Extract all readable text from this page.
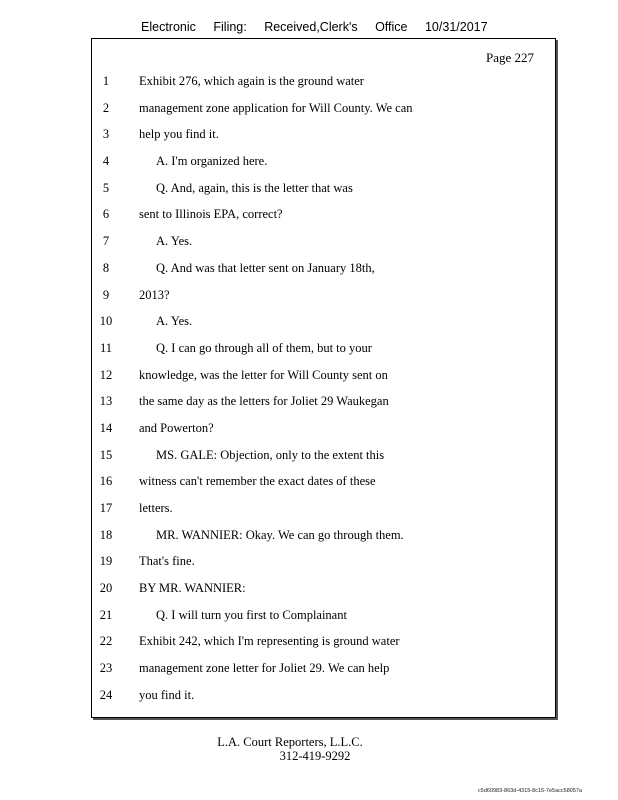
Electronic Filing: Received,Clerk's Office 10/31/2017
Page 227
1	Exhibit 276, which again is the ground water
2	management zone application for Will County. We can
3	help you find it.
4	A. I'm organized here.
5	Q. And, again, this is the letter that was
6	sent to Illinois EPA, correct?
7	A. Yes.
8	Q. And was that letter sent on January 18th,
9	2013?
10	A. Yes.
11	Q. I can go through all of them, but to your
12	knowledge, was the letter for Will County sent on
13	the same day as the letters for Joliet 29 Waukegan
14	and Powerton?
15	MS. GALE: Objection, only to the extent this
16	witness can't remember the exact dates of these
17	letters.
18	MR. WANNIER: Okay. We can go through them.
19	That's fine.
20	BY MR. WANNIER:
21	Q. I will turn you first to Complainant
22	Exhibit 242, which I'm representing is ground water
23	management zone letter for Joliet 29. We can help
24	you find it.
L.A. Court Reporters, L.L.C.
312-419-9292
c5d60983-863d-4315-8c15-7e5acc58057a
